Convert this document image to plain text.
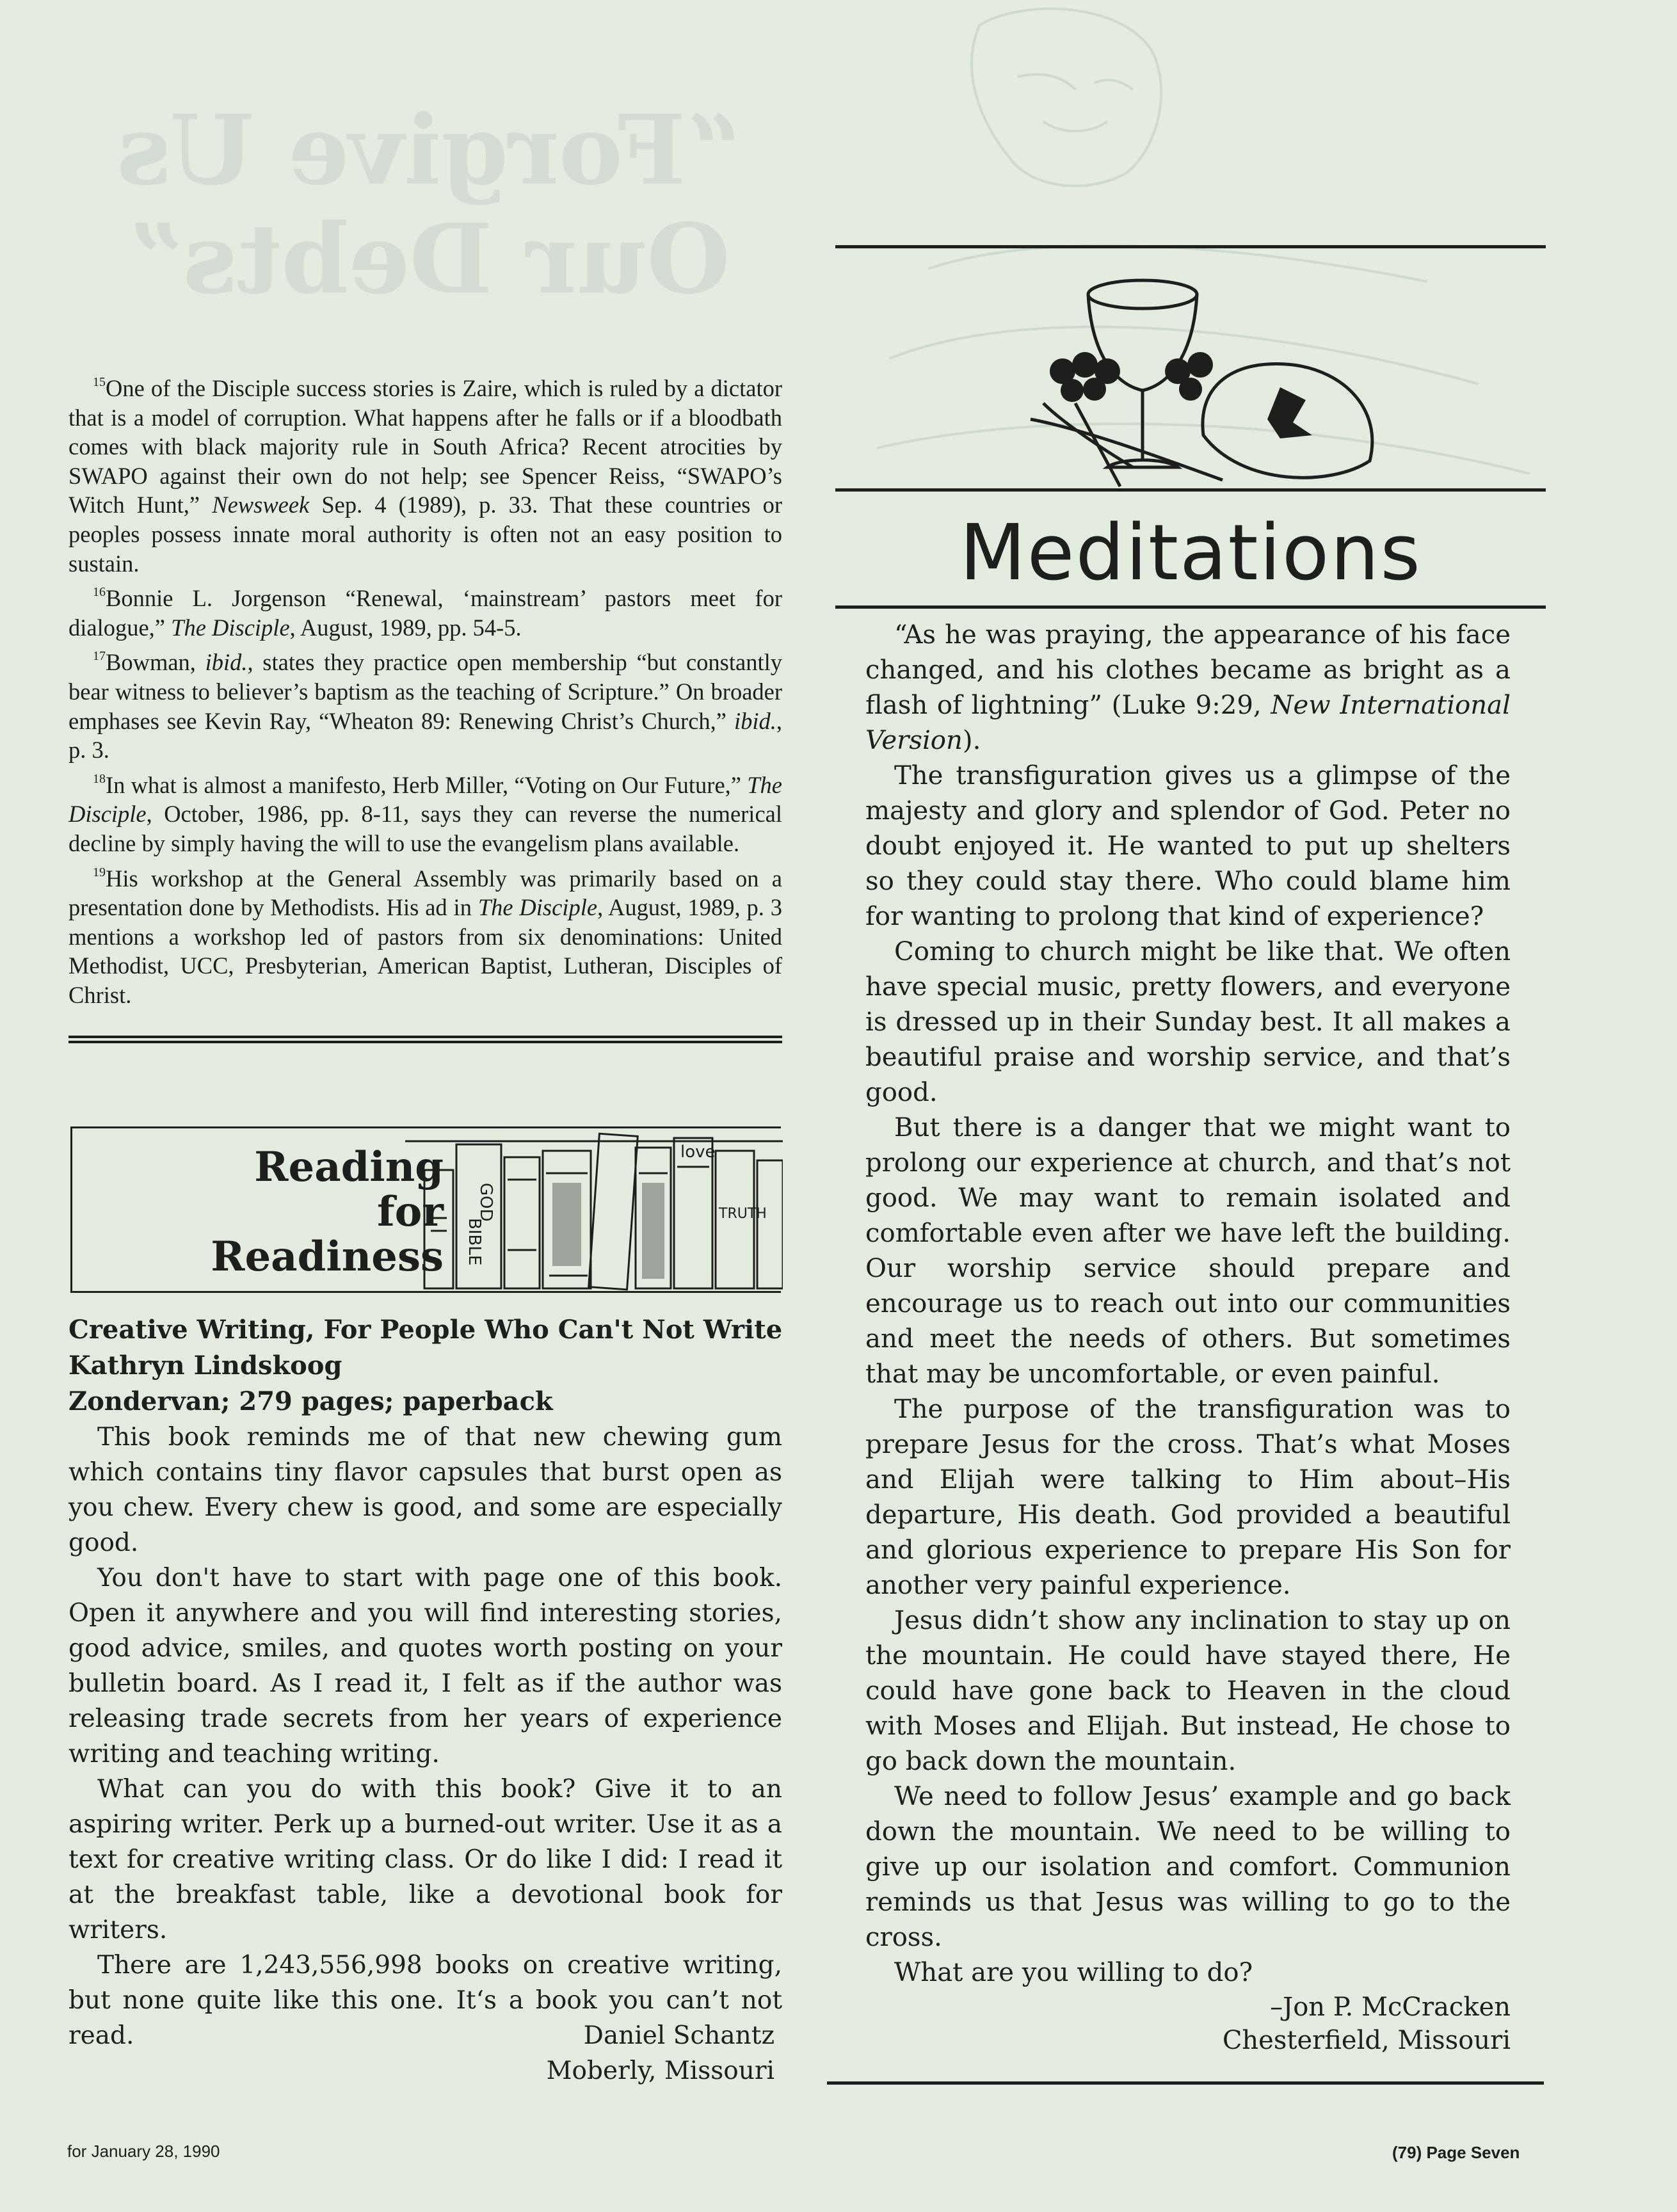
“Forgive Us Our Debts”

$^{15}$One of the Disciple success stories is Zaire, which is ruled by a dictator that is a model of corruption. What happens after he falls or if a bloodbath comes with black majority rule in South Africa? Recent atrocities by SWAPO against their own do not help; see Spencer Reiss, “SWAPO’s Witch Hunt,” Newsweek Sep. 4 (1989), p. 33. That these countries or peoples possess innate moral authority is often not an easy position to sustain.

$^{16}$Bonnie L. Jorgenson “Renewal, ‘mainstream’ pastors meet for dialogue,” The Disciple, August, 1989, pp. 54-5.

$^{17}$Bowman, ibid., states they practice open membership “but constantly bear witness to believer’s baptism as the teaching of Scripture.” On broader emphases see Kevin Ray, “Wheaton 89: Renewing Christ’s Church,” ibid., p. 3.

$^{18}$In what is almost a manifesto, Herb Miller, “Voting on Our Future,” The Disciple, October, 1986, pp. 8-11, says they can reverse the numerical decline by simply having the will to use the evangelism plans available.

$^{19}$His workshop at the General Assembly was primarily based on a presentation done by Methodists. His ad in The Disciple, August, 1989, p. 3 mentions a workshop led of pastors from six denominations: United Methodist, UCC, Presbyterian, American Baptist, Lutheran, Disciples of Christ.

Reading
for
Readiness
GOD
BIBLE
love
TRUTH
Creative Writing, For People Who Can't Not Write
Kathryn Lindskoog
Zondervan; 279 pages; paperback

This book reminds me of that new chewing gum which contains tiny flavor capsules that burst open as you chew. Every chew is good, and some are especially good.

You don't have to start with page one of this book. Open it anywhere and you will find interesting stories, good advice, smiles, and quotes worth posting on your bulletin board. As I read it, I felt as if the author was releasing trade secrets from her years of experience writing and teaching writing.

What can you do with this book? Give it to an aspiring writer. Perk up a burned-out writer. Use it as a text for creative writing class. Or do like I did: I read it at the breakfast table, like a devotional book for writers.

There are 1,243,556,998 books on creative writing, but none quite like this one. It‘s a book you can’t not read.	Daniel Schantz
Moberly, Missouri
Meditations

“As he was praying, the appearance of his face changed, and his clothes became as bright as a flash of lightning” (Luke 9:29, New International Version).

The transfiguration gives us a glimpse of the majesty and glory and splendor of God. Peter no doubt enjoyed it. He wanted to put up shelters so they could stay there. Who could blame him for wanting to prolong that kind of experience?

Coming to church might be like that. We often have special music, pretty flowers, and everyone is dressed up in their Sunday best. It all makes a beautiful praise and worship service, and that’s good.

But there is a danger that we might want to prolong our experience at church, and that’s not good. We may want to remain isolated and comfortable even after we have left the building. Our worship service should prepare and encourage us to reach out into our communities and meet the needs of others. But sometimes that may be uncomfortable, or even painful.

The purpose of the transfiguration was to prepare Jesus for the cross. That’s what Moses and Elijah were talking to Him about–His departure, His death. God provided a beautiful and glorious experience to prepare His Son for another very painful experience.

Jesus didn’t show any inclination to stay up on the mountain. He could have stayed there, He could have gone back to Heaven in the cloud with Moses and Elijah. But instead, He chose to go back down the mountain.

We need to follow Jesus’ example and go back down the mountain. We need to be willing to give up our isolation and comfort. Communion reminds us that Jesus was willing to go to the cross.

What are you willing to do?

–Jon P. McCracken
Chesterfield, Missouri
for January 28, 1990	(79) Page Seven
